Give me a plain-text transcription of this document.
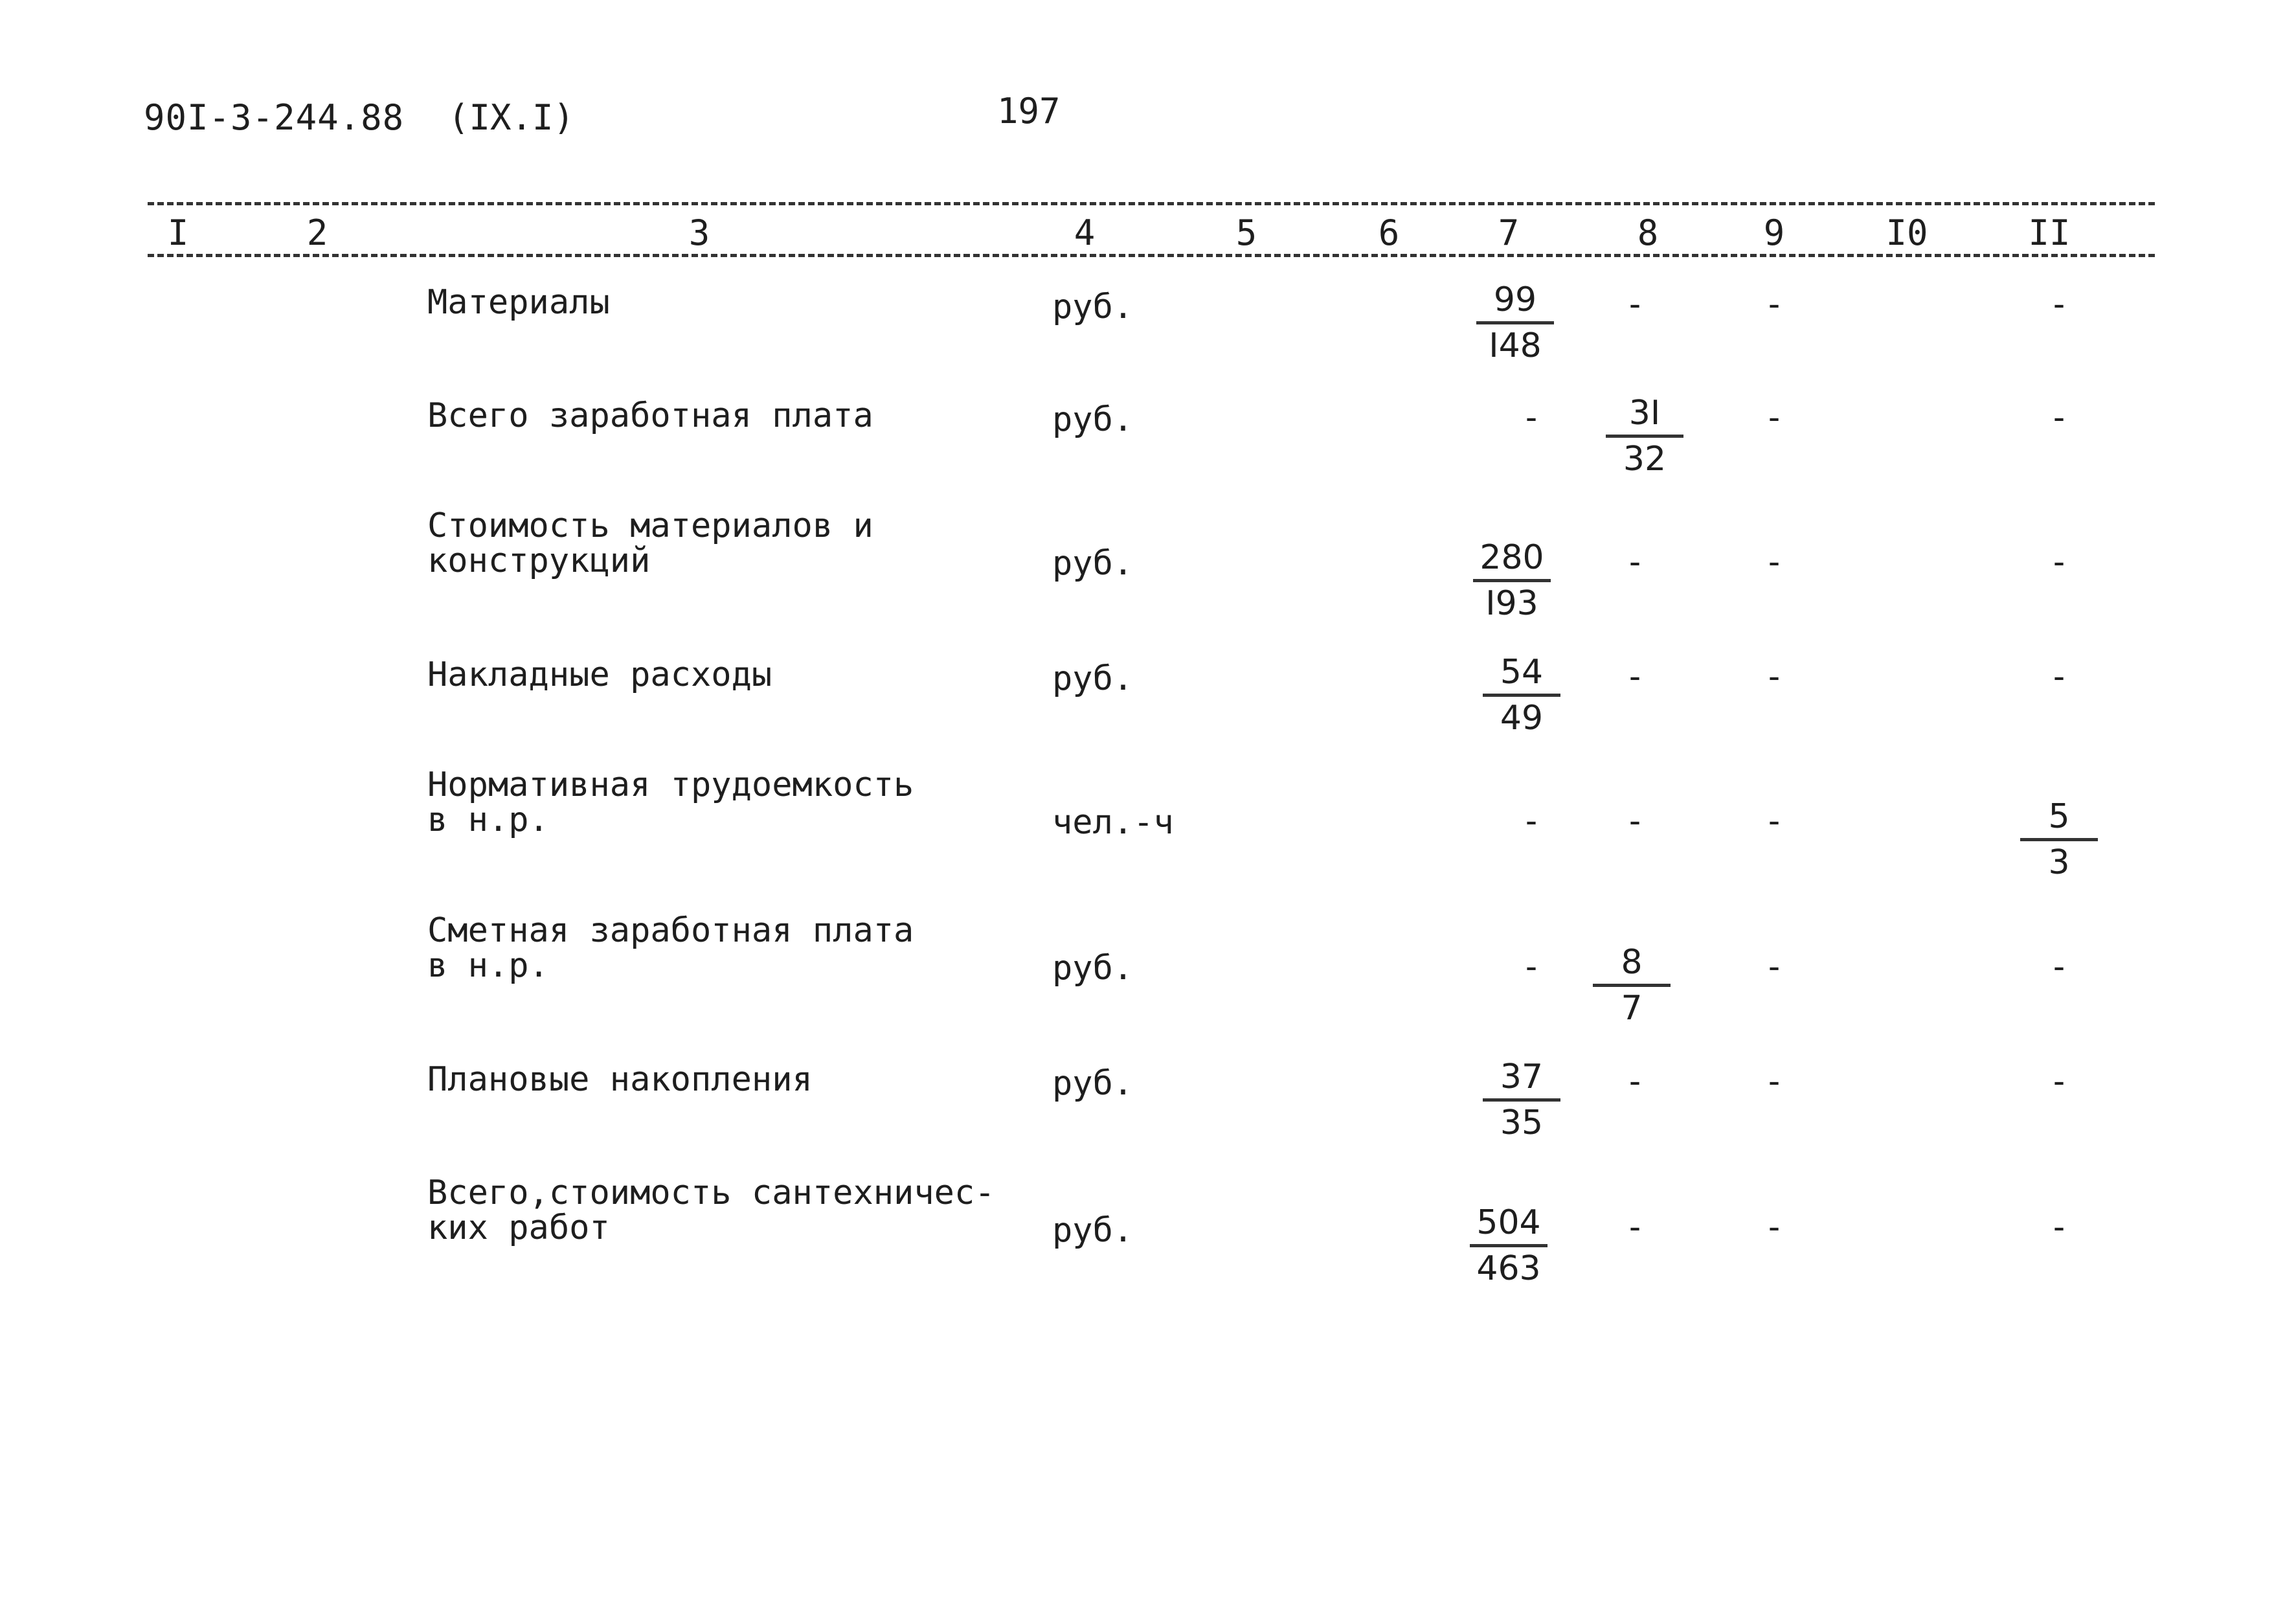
90I-3-244.88 (IX.I)	197
I	2	3	4	5	6	7	8	9	I0	II
Материалы	руб.	$\frac{99}{I48}$ -	-	-
Всего заработная плата	руб.	- $\frac{3I}{32}$ -	-
Стоимость материалов и
конструкций	руб.	$\frac{280}{I93}$ -	-	-
Накладные расходы	руб.	$\frac{54}{49}$ -	-	-
Нормативная трудоемкость
в н.р.	чел.-ч	- -	-	$\frac{5}{3}$
Сметная заработная плата
в н.р.	руб.	- $\frac{8}{7}$	-	-
Плановые накопления	руб.	$\frac{37}{35}$ -	-	-
Всего,стоимость сантехничес-
ких работ	руб.	$\frac{504}{463}$ -	-	-
